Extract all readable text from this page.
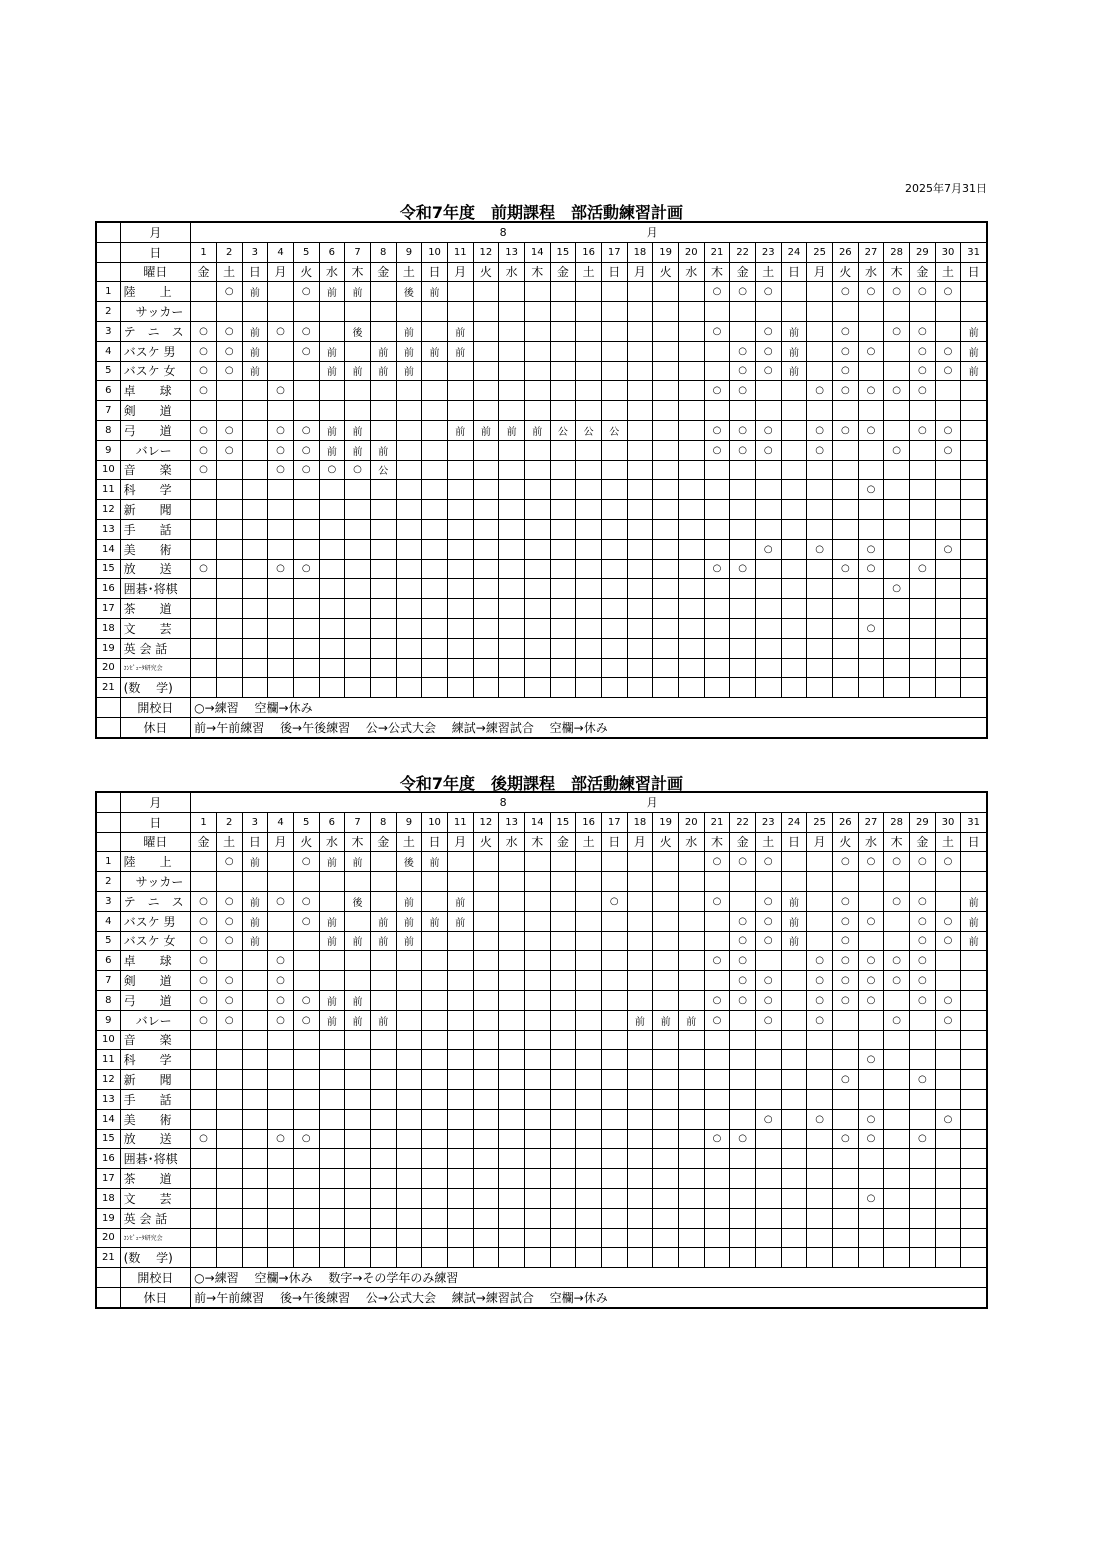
2025年7月31日
令和7年度　前期課程　部活動練習計画
	月	8 月																														
	日	1	2	3	4	5	6	7	8	9	10	11	12	13	14	15	16	17	18	19	20	21	22	23	24	25	26	27	28	29	30	31
	曜日	金	土	日	月	火	水	木	金	土	日	月	火	水	木	金	土	日	月	火	水	木	金	土	日	月	火	水	木	金	土	日
1	陸　　上		○	前		○	前	前		後	前											○	○	○			○	○	○	○	○	
2	　サッカー																															
3	テ　ニ　ス	○	○	前	○	○		後		前		前										○		○	前		○		○	○		前
4	バスケ 男	○	○	前		○	前		前	前	前	前											○	○	前		○	○		○	○	前
5	バスケ 女	○	○	前			前	前	前	前													○	○	前		○			○	○	前
6	卓　　球	○			○																	○	○			○	○	○	○	○		
7	剣　　道																															
8	弓　　道	○	○		○	○	前	前				前	前	前	前	公	公	公				○	○	○		○	○	○		○	○	
9	　バレー	○	○		○	○	前	前	前													○	○	○		○			○		○	
10	音　　楽	○			○	○	○	○	公																							
11	科　　学																											○				
12	新　　聞																															
13	手　　話																															
14	美　　術																							○		○		○			○	
15	放　　送	○			○	○																○	○				○	○		○		
16	囲碁･将棋																												○			
17	茶　　道																															
18	文　　芸																											○				
19	英 会 話																															
20	ｺﾝﾋﾟｭｰﾀ研究会																															
21	(数　 学)																															
	開校日	○→練習　 空欄→休み																														
	休日	前→午前練習　 後→午後練習　 公→公式大会　 練試→練習試合　 空欄→休み																														
令和7年度　後期課程　部活動練習計画
	月	8 月																														
	日	1	2	3	4	5	6	7	8	9	10	11	12	13	14	15	16	17	18	19	20	21	22	23	24	25	26	27	28	29	30	31
	曜日	金	土	日	月	火	水	木	金	土	日	月	火	水	木	金	土	日	月	火	水	木	金	土	日	月	火	水	木	金	土	日
1	陸　　上		○	前		○	前	前		後	前											○	○	○			○	○	○	○	○	
2	　サッカー																															
3	テ　ニ　ス	○	○	前	○	○		後		前		前						○				○		○	前		○		○	○		前
4	バスケ 男	○	○	前		○	前		前	前	前	前											○	○	前		○	○		○	○	前
5	バスケ 女	○	○	前			前	前	前	前													○	○	前		○			○	○	前
6	卓　　球	○			○																	○	○			○	○	○	○	○		
7	剣　　道	○	○		○																		○	○		○	○	○	○	○		
8	弓　　道	○	○		○	○	前	前														○	○	○		○	○	○		○	○	
9	　バレー	○	○		○	○	前	前	前										前	前	前	○		○		○			○		○	
10	音　　楽																															
11	科　　学																											○				
12	新　　聞																										○			○		
13	手　　話																															
14	美　　術																							○		○		○			○	
15	放　　送	○			○	○																○	○				○	○		○		
16	囲碁･将棋																															
17	茶　　道																															
18	文　　芸																											○				
19	英 会 話																															
20	ｺﾝﾋﾟｭｰﾀ研究会																															
21	(数　 学)																															
	開校日	○→練習　 空欄→休み　 数字→その学年のみ練習																														
	休日	前→午前練習　 後→午後練習　 公→公式大会　 練試→練習試合　 空欄→休み																														
